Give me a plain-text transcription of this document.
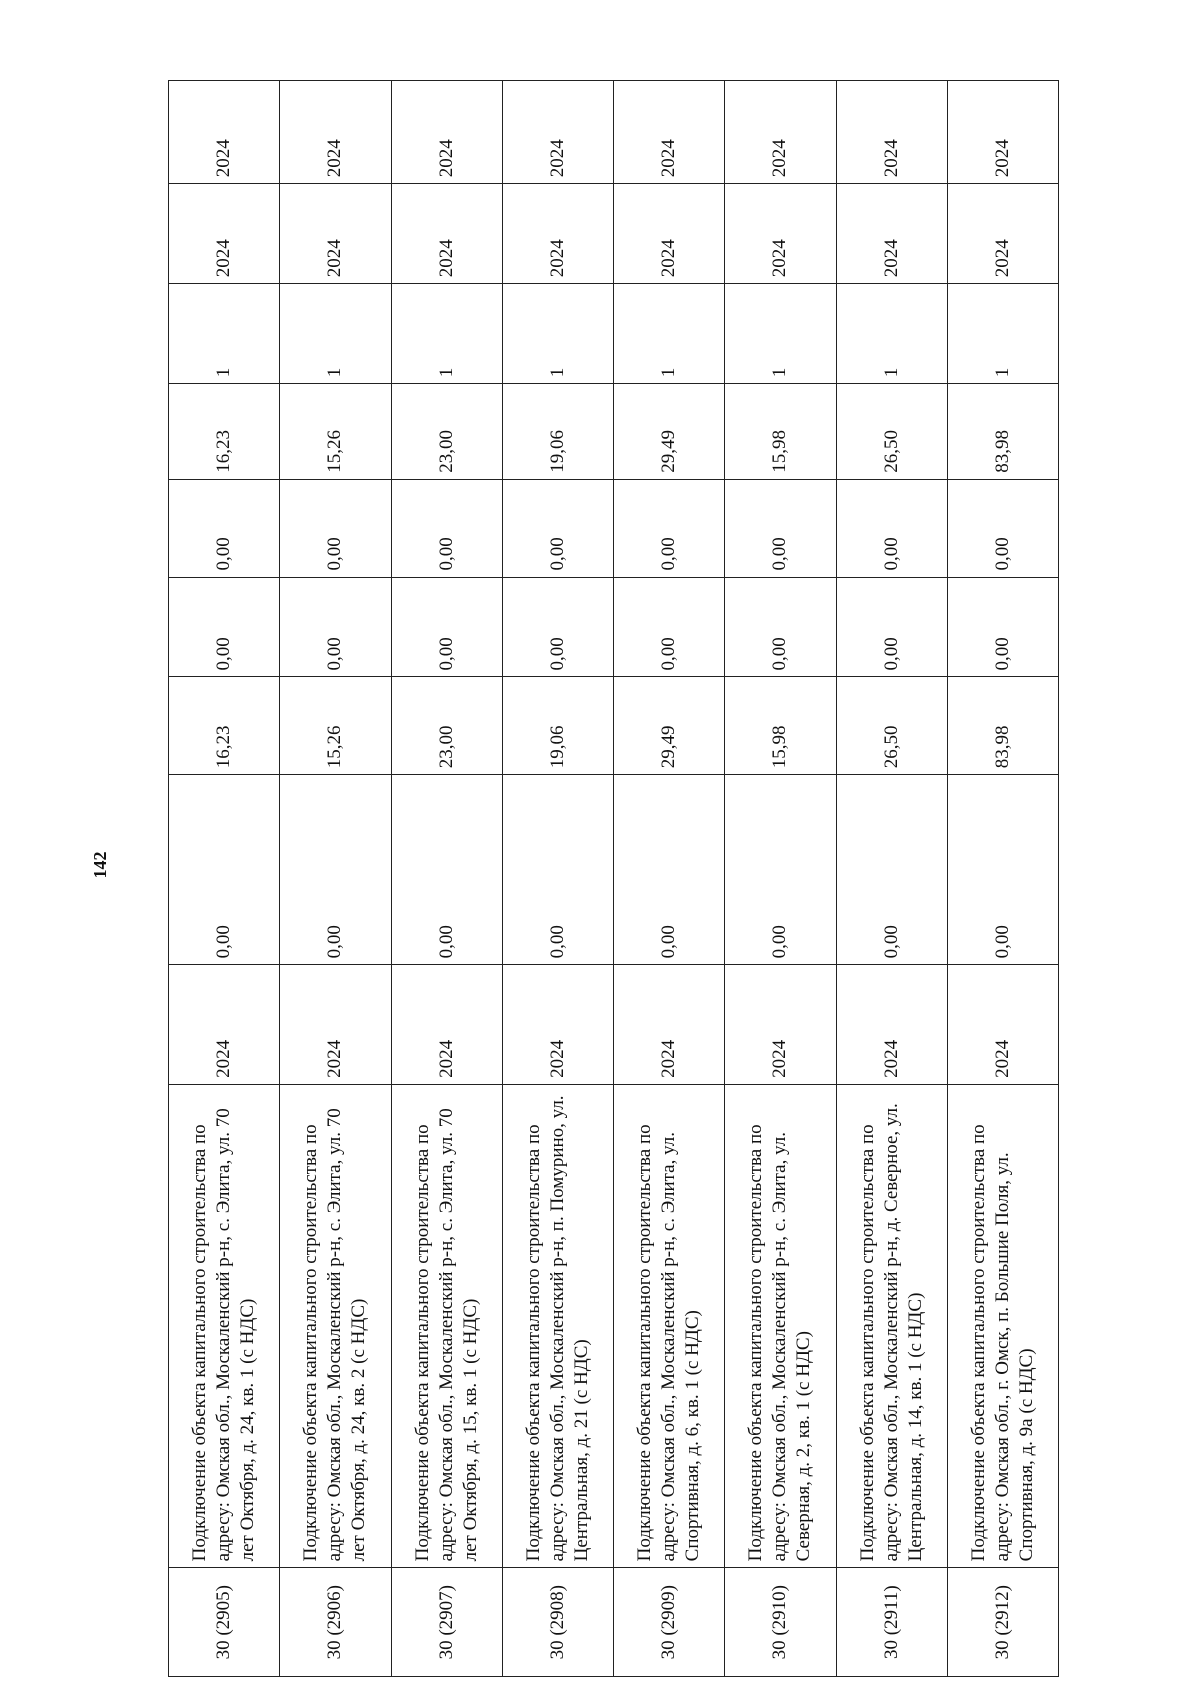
142
30 (2905)	Подключение объекта капитального строительства по адресу: Омская обл., Москаленский р-н, с. Элита, ул. 70 лет Октября, д. 24, кв. 1 (с НДС)	2024	0,00	16,23	0,00	0,00	16,23	1	2024	2024
30 (2906)	Подключение объекта капитального строительства по адресу: Омская обл., Москаленский р-н, с. Элита, ул. 70 лет Октября, д. 24, кв. 2 (с НДС)	2024	0,00	15,26	0,00	0,00	15,26	1	2024	2024
30 (2907)	Подключение объекта капитального строительства по адресу: Омская обл., Москаленский р-н, с. Элита, ул. 70 лет Октября, д. 15, кв. 1 (с НДС)	2024	0,00	23,00	0,00	0,00	23,00	1	2024	2024
30 (2908)	Подключение объекта капитального строительства по адресу: Омская обл., Москаленский р-н, п. Помурино, ул. Центральная, д. 21 (с НДС)	2024	0,00	19,06	0,00	0,00	19,06	1	2024	2024
30 (2909)	Подключение объекта капитального строительства по адресу: Омская обл., Москаленский р-н, с. Элита, ул. Спортивная, д. 6, кв. 1 (с НДС)	2024	0,00	29,49	0,00	0,00	29,49	1	2024	2024
30 (2910)	Подключение объекта капитального строительства по адресу: Омская обл., Москаленский р-н, с. Элита, ул. Северная, д. 2, кв. 1 (с НДС)	2024	0,00	15,98	0,00	0,00	15,98	1	2024	2024
30 (2911)	Подключение объекта капитального строительства по адресу: Омская обл., Москаленский р-н, д. Северное, ул. Центральная, д. 14, кв. 1 (с НДС)	2024	0,00	26,50	0,00	0,00	26,50	1	2024	2024
30 (2912)	Подключение объекта капитального строительства по адресу: Омская обл., г. Омск, п. Большие Поля, ул. Спортивная, д. 9а (с НДС)	2024	0,00	83,98	0,00	0,00	83,98	1	2024	2024
